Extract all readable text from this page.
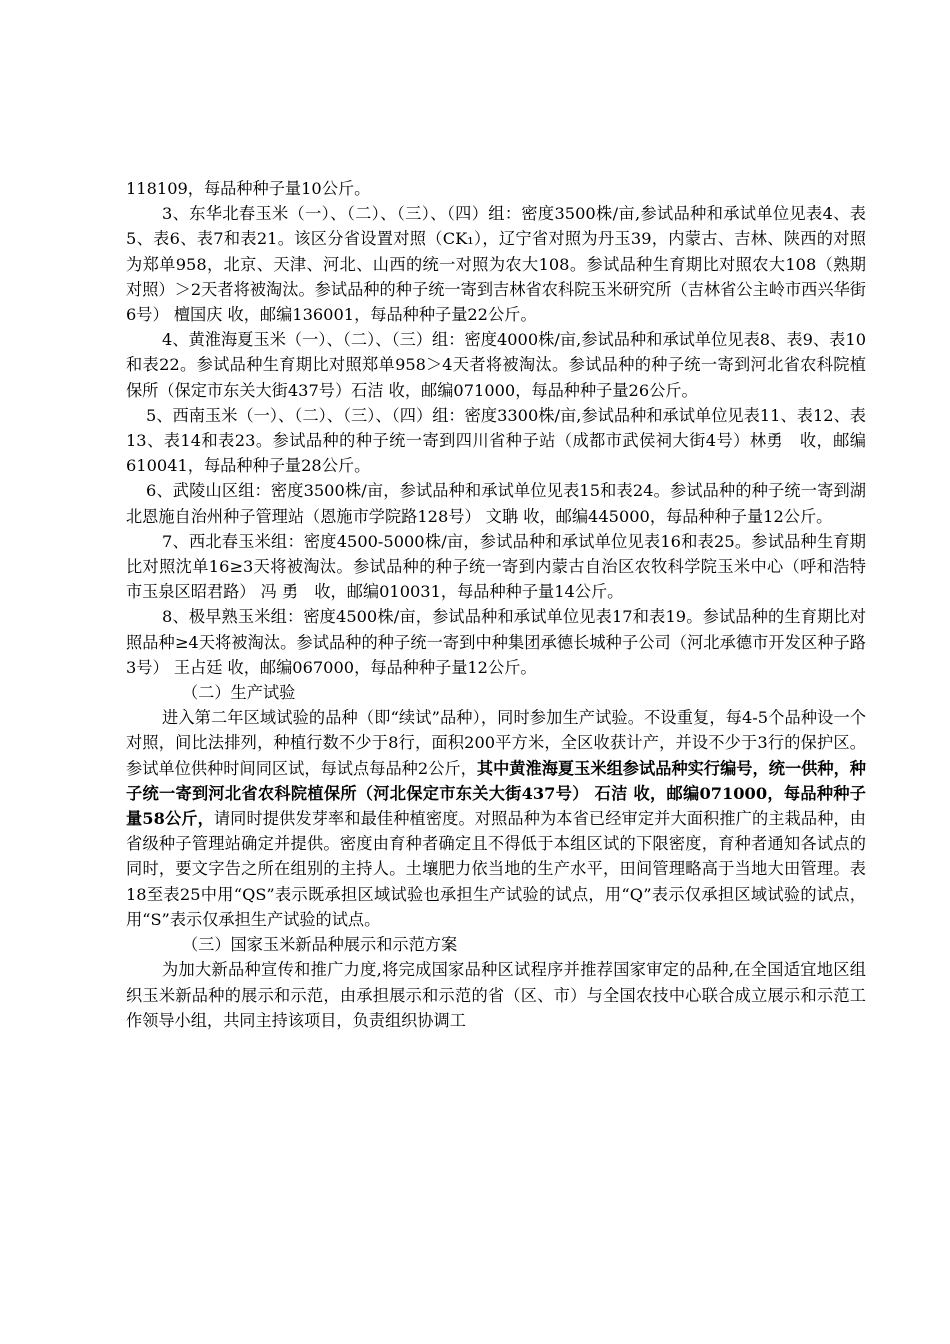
118109，每品种种子量10公斤。

3、东华北春玉米（一）、（二）、（三）、（四）组：密度3500株/亩,参试品种和承试单位见表4、表5、表6、表7和表21。该区分省设置对照（CK₁），辽宁省对照为丹玉39，内蒙古、吉林、陕西的对照为郑单958，北京、天津、河北、山西的统一对照为农大108。参试品种生育期比对照农大108（熟期对照）＞2天者将被淘汰。参试品种的种子统一寄到吉林省农科院玉米研究所（吉林省公主岭市西兴华街6号） 檀国庆 收，邮编136001，每品种种子量22公斤。

4、黄淮海夏玉米（一）、（二）、（三）组：密度4000株/亩,参试品种和承试单位见表8、表9、表10和表22。参试品种生育期比对照郑单958＞4天者将被淘汰。参试品种的种子统一寄到河北省农科院植保所（保定市东关大街437号）石洁 收，邮编071000，每品种种子量26公斤。

5、西南玉米（一）、（二）、（三）、（四）组：密度3300株/亩,参试品种和承试单位见表11、表12、表13、表14和表23。参试品种的种子统一寄到四川省种子站（成都市武侯祠大街4号）林勇　收，邮编610041，每品种种子量28公斤。

6、武陵山区组：密度3500株/亩，参试品种和承试单位见表15和表24。参试品种的种子统一寄到湖北恩施自治州种子管理站（恩施市学院路128号） 文聃 收，邮编445000，每品种种子量12公斤。

7、西北春玉米组：密度4500-5000株/亩，参试品种和承试单位见表16和表25。参试品种生育期比对照沈单16≥3天将被淘汰。参试品种的种子统一寄到内蒙古自治区农牧科学院玉米中心（呼和浩特市玉泉区昭君路） 冯 勇　收，邮编010031，每品种种子量14公斤。

8、极早熟玉米组：密度4500株/亩，参试品种和承试单位见表17和表19。参试品种的生育期比对照品种≥4天将被淘汰。参试品种的种子统一寄到中种集团承德长城种子公司（河北承德市开发区种子路3号） 王占廷 收，邮编067000，每品种种子量12公斤。

（二）生产试验

进入第二年区域试验的品种（即“续试”品种），同时参加生产试验。不设重复，每4-5个品种设一个对照，间比法排列，种植行数不少于8行，面积200平方米，全区收获计产，并设不少于3行的保护区。参试单位供种时间同区试，每试点每品种2公斤，其中黄淮海夏玉米组参试品种实行编号，统一供种，种子统一寄到河北省农科院植保所（河北保定市东关大街437号） 石洁 收，邮编071000，每品种种子量58公斤，请同时提供发芽率和最佳种植密度。对照品种为本省已经审定并大面积推广的主栽品种，由省级种子管理站确定并提供。密度由育种者确定且不得低于本组区试的下限密度，育种者通知各试点的同时，要文字告之所在组别的主持人。土壤肥力依当地的生产水平，田间管理略高于当地大田管理。表18至表25中用“QS”表示既承担区域试验也承担生产试验的试点，用“Q”表示仅承担区域试验的试点，用“S”表示仅承担生产试验的试点。

（三）国家玉米新品种展示和示范方案

为加大新品种宣传和推广力度,将完成国家品种区试程序并推荐国家审定的品种,在全国适宜地区组织玉米新品种的展示和示范，由承担展示和示范的省（区、市）与全国农技中心联合成立展示和示范工作领导小组，共同主持该项目，负责组织协调工
